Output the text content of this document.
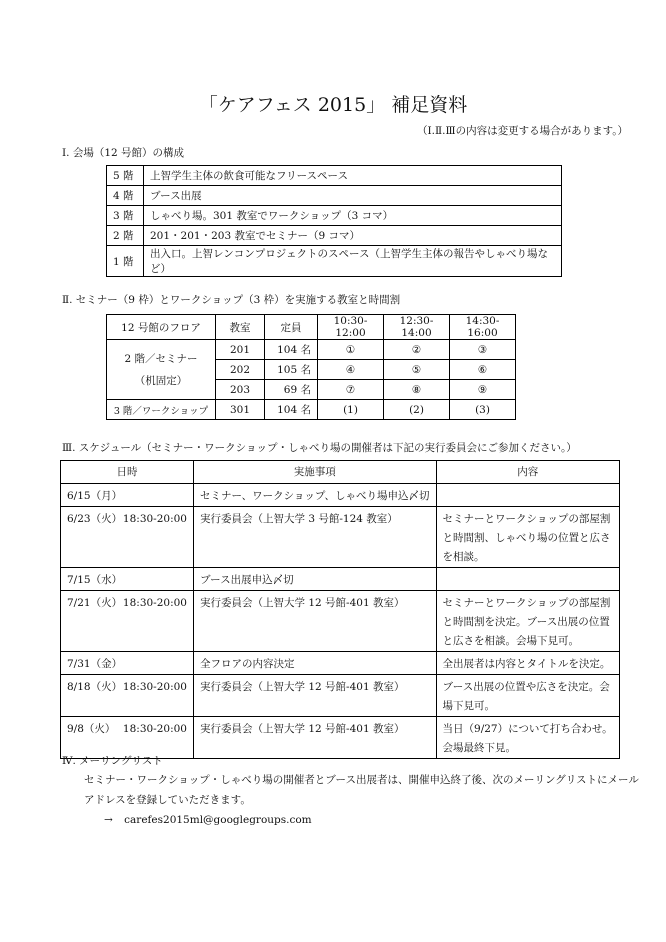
「ケアフェス 2015」 補足資料
（Ⅰ.Ⅱ.Ⅲの内容は変更する場合があります。）
Ⅰ. 会場（12 号館）の構成
5 階	上智学生主体の飲食可能なフリースペース
4 階	ブース出展
3 階	しゃべり場。301 教室でワークショップ（3 コマ）
2 階	201・201・203 教室でセミナー（9 コマ）
1 階	出入口。上智レンコンプロジェクトのスペース（上智学生主体の報告やしゃべり場など）
Ⅱ. セミナー（9 枠）とワークショップ（3 枠）を実施する教室と時間割
12 号館のフロア	教室	定員	10:30-12:00	12:30-14:00	14:30-16:00

2 階／セミナー
（机固定）	201	104 名	①	②	③
	202	105 名	④	⑤	⑥
	203	69 名	⑦	⑧	⑨
3 階／ワークショップ	301	104 名	(1)	(2)	(3)
Ⅲ. スケジュール（セミナー・ワークショップ・しゃべり場の開催者は下記の実行委員会にご参加ください。）
日時	実施事項	内容
6/15（月）	セミナー、ワークショップ、しゃべり場申込〆切	
6/23（火） 18:30-20:00	実行委員会（上智大学 3 号館-124 教室）	セミナーとワークショップの部屋割と時間割、しゃべり場の位置と広さを相談。
7/15（水）	ブース出展申込〆切	
7/21（火） 18:30-20:00	実行委員会（上智大学 12 号館-401 教室）	セミナーとワークショップの部屋割と時間割を決定。ブース出展の位置と広さを相談。会場下見可。
7/31（金）	全フロアの内容決定	全出展者は内容とタイトルを決定。
8/18（火） 18:30-20:00	実行委員会（上智大学 12 号館-401 教室）	ブース出展の位置や広さを決定。会場下見可。
9/8（火） 18:30-20:00	実行委員会（上智大学 12 号館-401 教室）	当日（9/27）について打ち合わせ。会場最終下見。
Ⅳ. メーリングリスト
セミナー・ワークショップ・しゃべり場の開催者とブース出展者は、開催申込終了後、次のメーリングリストにメール
アドレスを登録していただきます。
→ carefes2015ml@googlegroups.com
